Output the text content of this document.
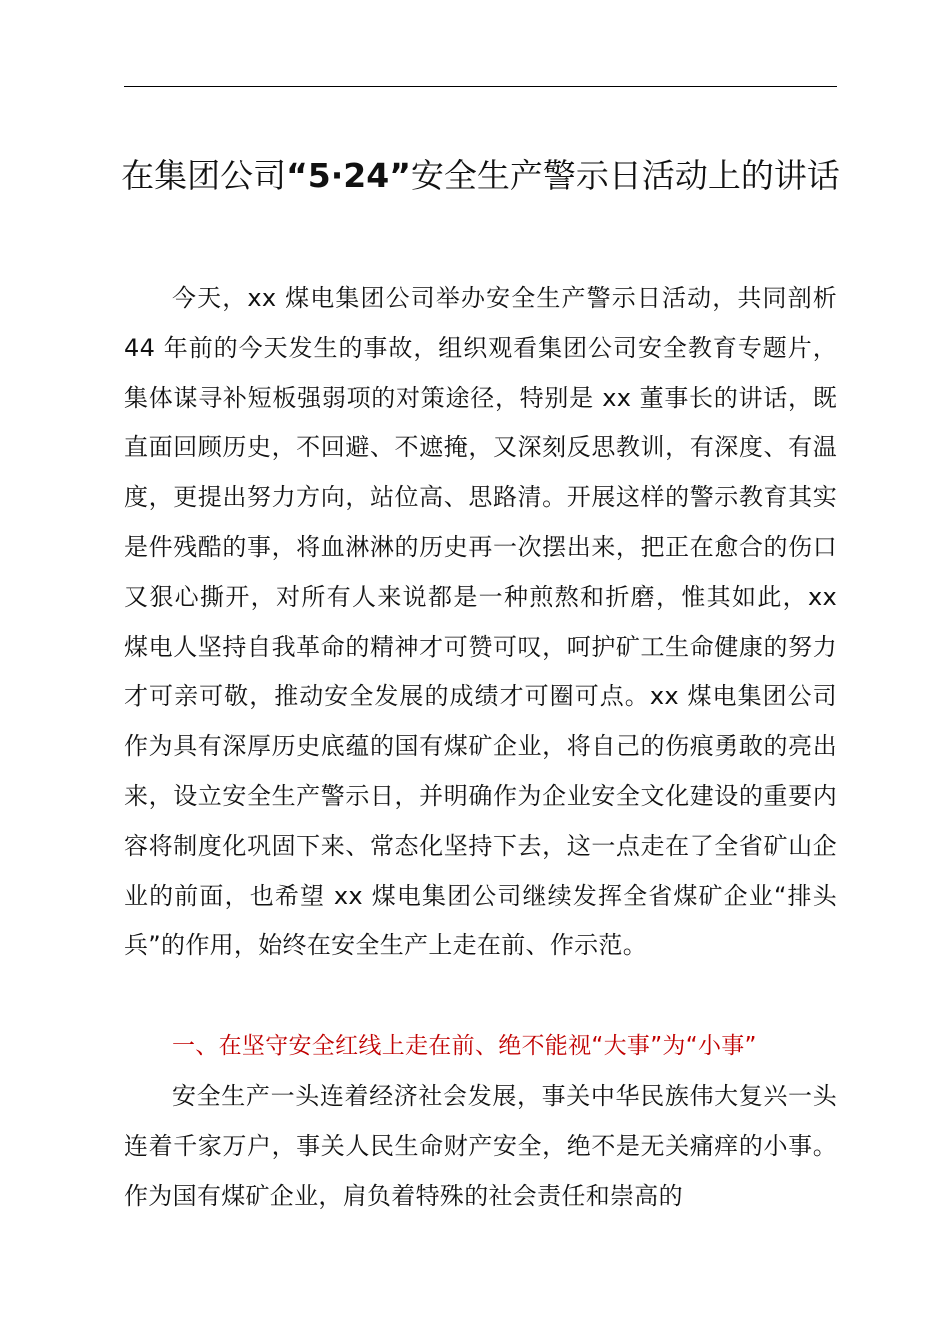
在集团公司“5·24”安全生产警示日活动上的讲话

今天，xx 煤电集团公司举办安全生产警示日活动，共同剖析 44 年前的今天发生的事故，组织观看集团公司安全教育专题片，集体谋寻补短板强弱项的对策途径，特别是 xx 董事长的讲话，既直面回顾历史，不回避、不遮掩，又深刻反思教训，有深度、有温度，更提出努力方向，站位高、思路清。开展这样的警示教育其实是件残酷的事，将血淋淋的历史再一次摆出来，把正在愈合的伤口又狠心撕开，对所有人来说都是一种煎熬和折磨，惟其如此，xx 煤电人坚持自我革命的精神才可赞可叹，呵护矿工生命健康的努力才可亲可敬，推动安全发展的成绩才可圈可点。xx 煤电集团公司作为具有深厚历史底蕴的国有煤矿企业，将自己的伤痕勇敢的亮出来，设立安全生产警示日，并明确作为企业安全文化建设的重要内容将制度化巩固下来、常态化坚持下去，这一点走在了全省矿山企业的前面，也希望 xx 煤电集团公司继续发挥全省煤矿企业“排头兵”的作用，始终在安全生产上走在前、作示范。

一、在坚守安全红线上走在前、绝不能视“大事”为“小事”

安全生产一头连着经济社会发展，事关中华民族伟大复兴一头连着千家万户，事关人民生命财产安全，绝不是无关痛痒的小事。作为国有煤矿企业，肩负着特殊的社会责任和崇高的
